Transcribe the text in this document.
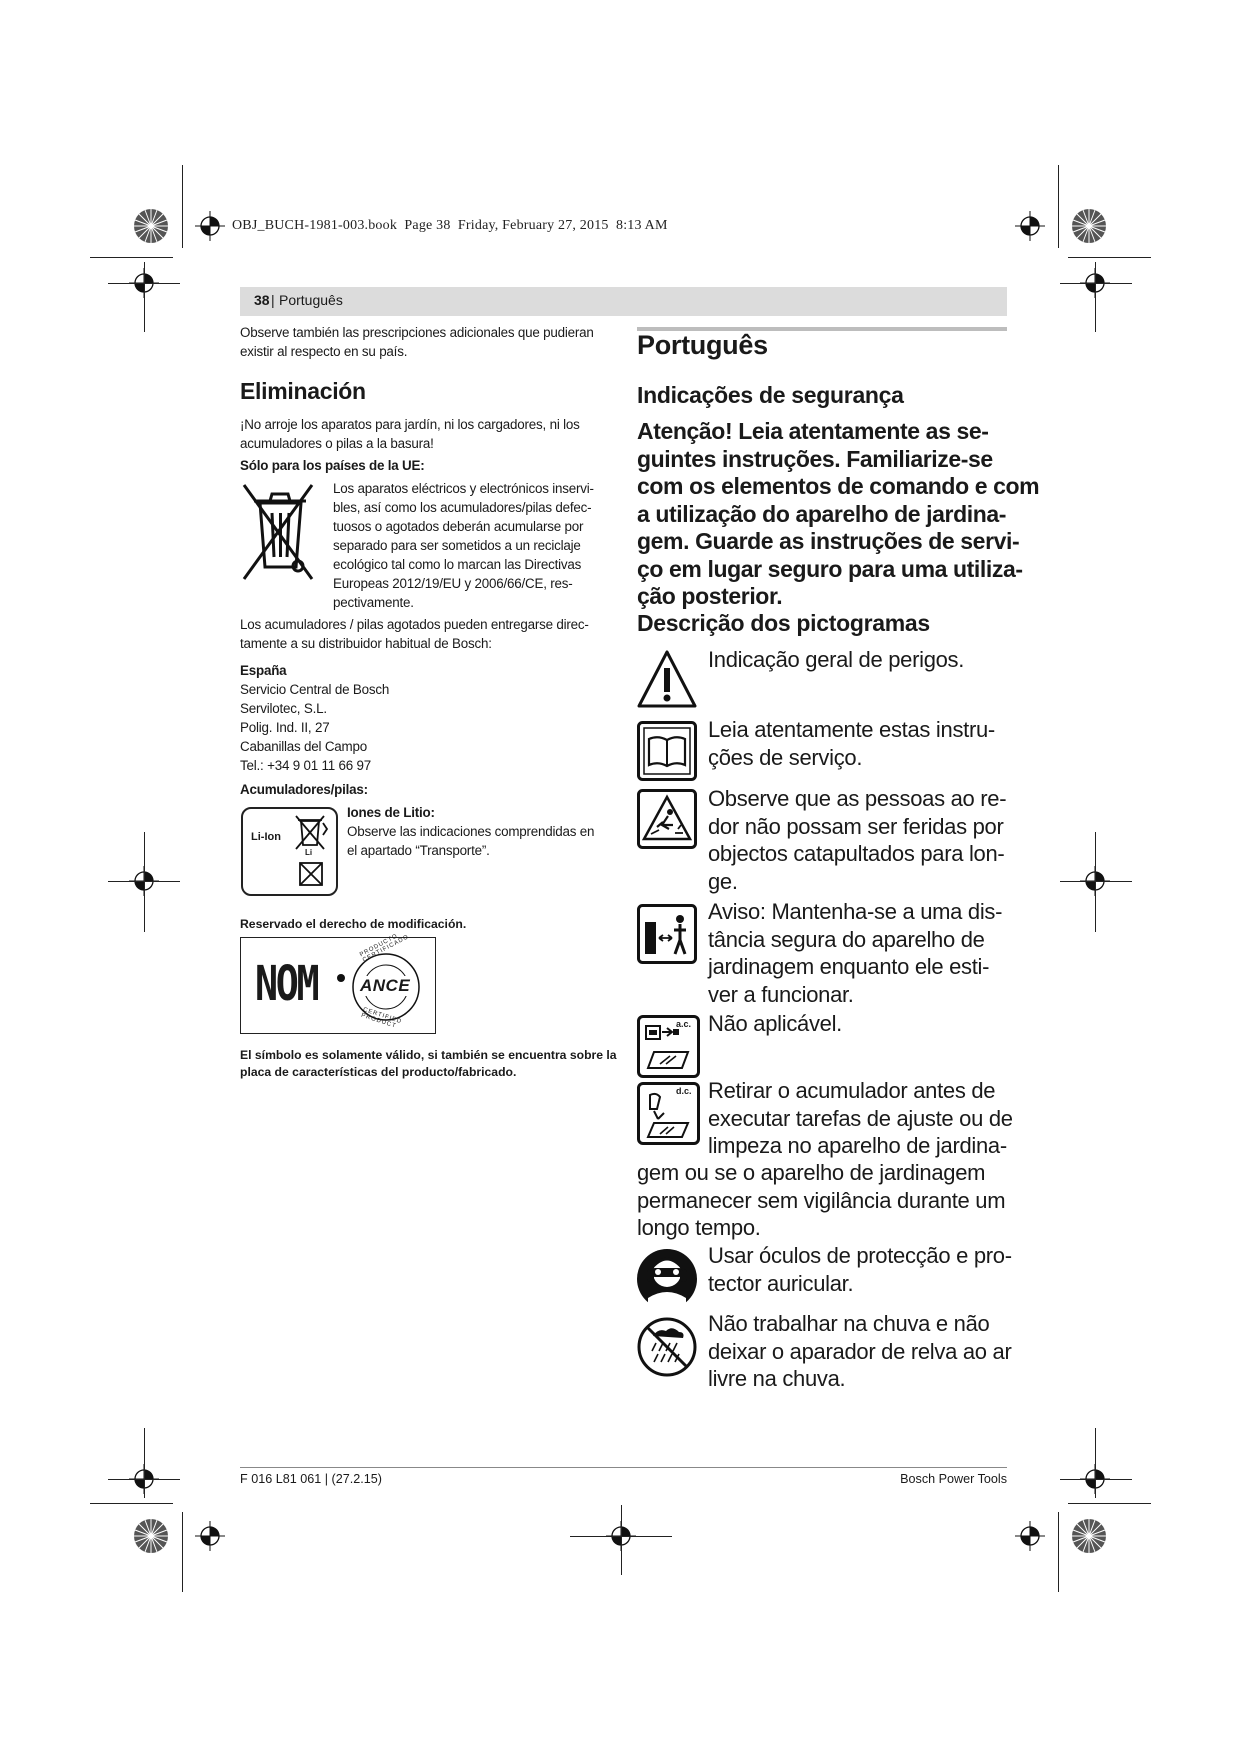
OBJ_BUCH-1981-003.book  Page 38  Friday, February 27, 2015  8:13 AM
38 | Português
Observe también las prescripciones adicionales que pudieran
existir al respecto en su país.
Eliminación
¡No arroje los aparatos para jardín, ni los cargadores, ni los
acumuladores o pilas a la basura!
Sólo para los países de la UE:
Los aparatos eléctricos y electrónicos inservi-
bles, así como los acumuladores/pilas defec-
tuosos o agotados deberán acumularse por
separado para ser sometidos a un reciclaje
ecológico tal como lo marcan las Directivas
Europeas 2012/19/EU y 2006/66/CE, res-
pectivamente.
Los acumuladores / pilas agotados pueden entregarse direc-
tamente a su distribuidor habitual de Bosch:
España
Servicio Central de Bosch
Servilotec, S.L.
Polig. Ind. II, 27
Cabanillas del Campo
Tel.: +34 9 01 11 66 97
Acumuladores/pilas:
Li-Ion
Li
Iones de Litio:
Observe las indicaciones comprendidas en
el apartado “Transporte”.
Reservado el derecho de modificación.
NOM
PRODUCTO CERTIFICADO
CERTIFIED PRODUCT
ANCE
El símbolo es solamente válido, si también se encuentra sobre la
placa de características del producto/fabricado.
Português
Indicações de segurança
Atenção! Leia atentamente as se-
guintes instruções. Familiarize-se
com os elementos de comando e com
a utilização do aparelho de jardina-
gem. Guarde as instruções de servi-
ço em lugar seguro para uma utiliza-
ção posterior.
Descrição dos pictogramas
Indicação geral de perigos.
Leia atentamente estas instru-
ções de serviço.
Observe que as pessoas ao re-
dor não possam ser feridas por
objectos catapultados para lon-
ge.
Aviso: Mantenha-se a uma dis-
tância segura do aparelho de
jardinagem enquanto ele esti-
ver a funcionar.
a.c. Não aplicável.
d.c. Retirar o acumulador antes de
executar tarefas de ajuste ou de
limpeza no aparelho de jardina-
gem ou se o aparelho de jardinagem
permanecer sem vigilância durante um
longo tempo.
Usar óculos de protecção e pro-
tector auricular.
Não trabalhar na chuva e não
deixar o aparador de relva ao ar
livre na chuva.
F 016 L81 061 | (27.2.15)	Bosch Power Tools
